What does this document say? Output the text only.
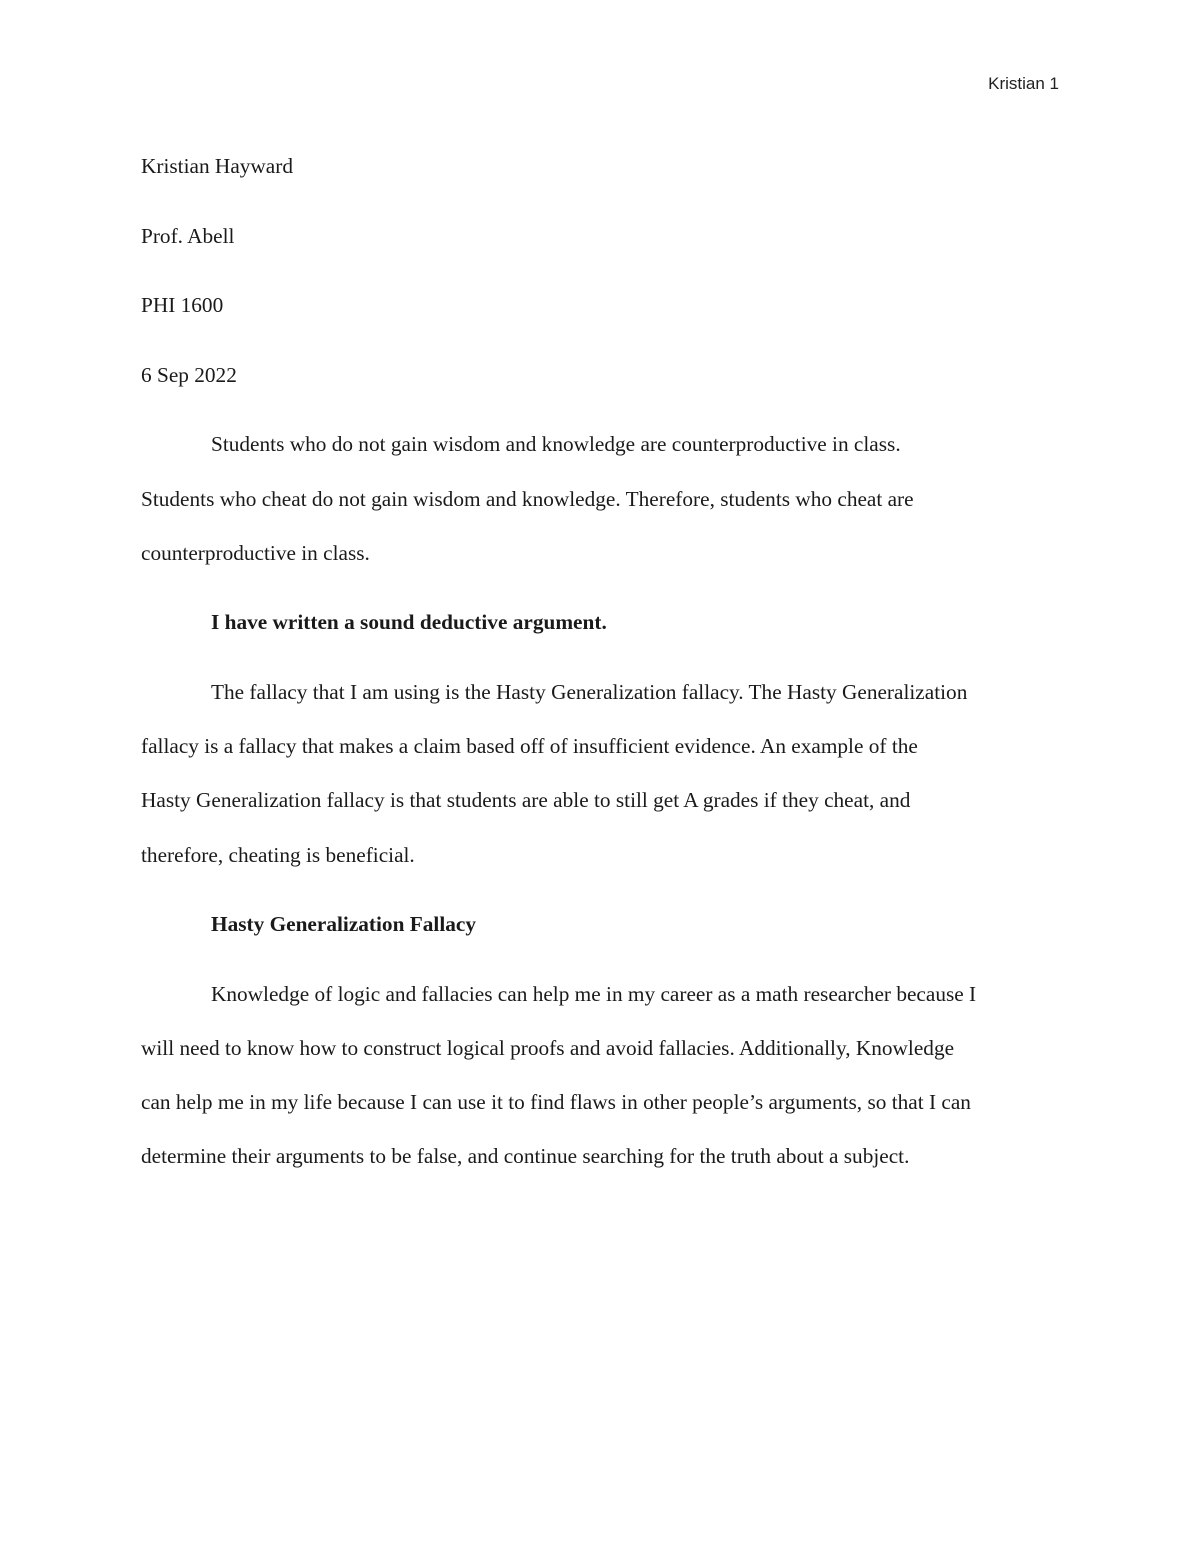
Kristian 1

Kristian Hayward

Prof. Abell

PHI 1600

6 Sep 2022

Students who do not gain wisdom and knowledge are counterproductive in class.
Students who cheat do not gain wisdom and knowledge. Therefore, students who cheat are
counterproductive in class.

I have written a sound deductive argument.

The fallacy that I am using is the Hasty Generalization fallacy. The Hasty Generalization
fallacy is a fallacy that makes a claim based off of insufficient evidence. An example of the
Hasty Generalization fallacy is that students are able to still get A grades if they cheat, and
therefore, cheating is beneficial.

Hasty Generalization Fallacy

Knowledge of logic and fallacies can help me in my career as a math researcher because I
will need to know how to construct logical proofs and avoid fallacies. Additionally, Knowledge
can help me in my life because I can use it to find flaws in other people’s arguments, so that I can
determine their arguments to be false, and continue searching for the truth about a subject.
